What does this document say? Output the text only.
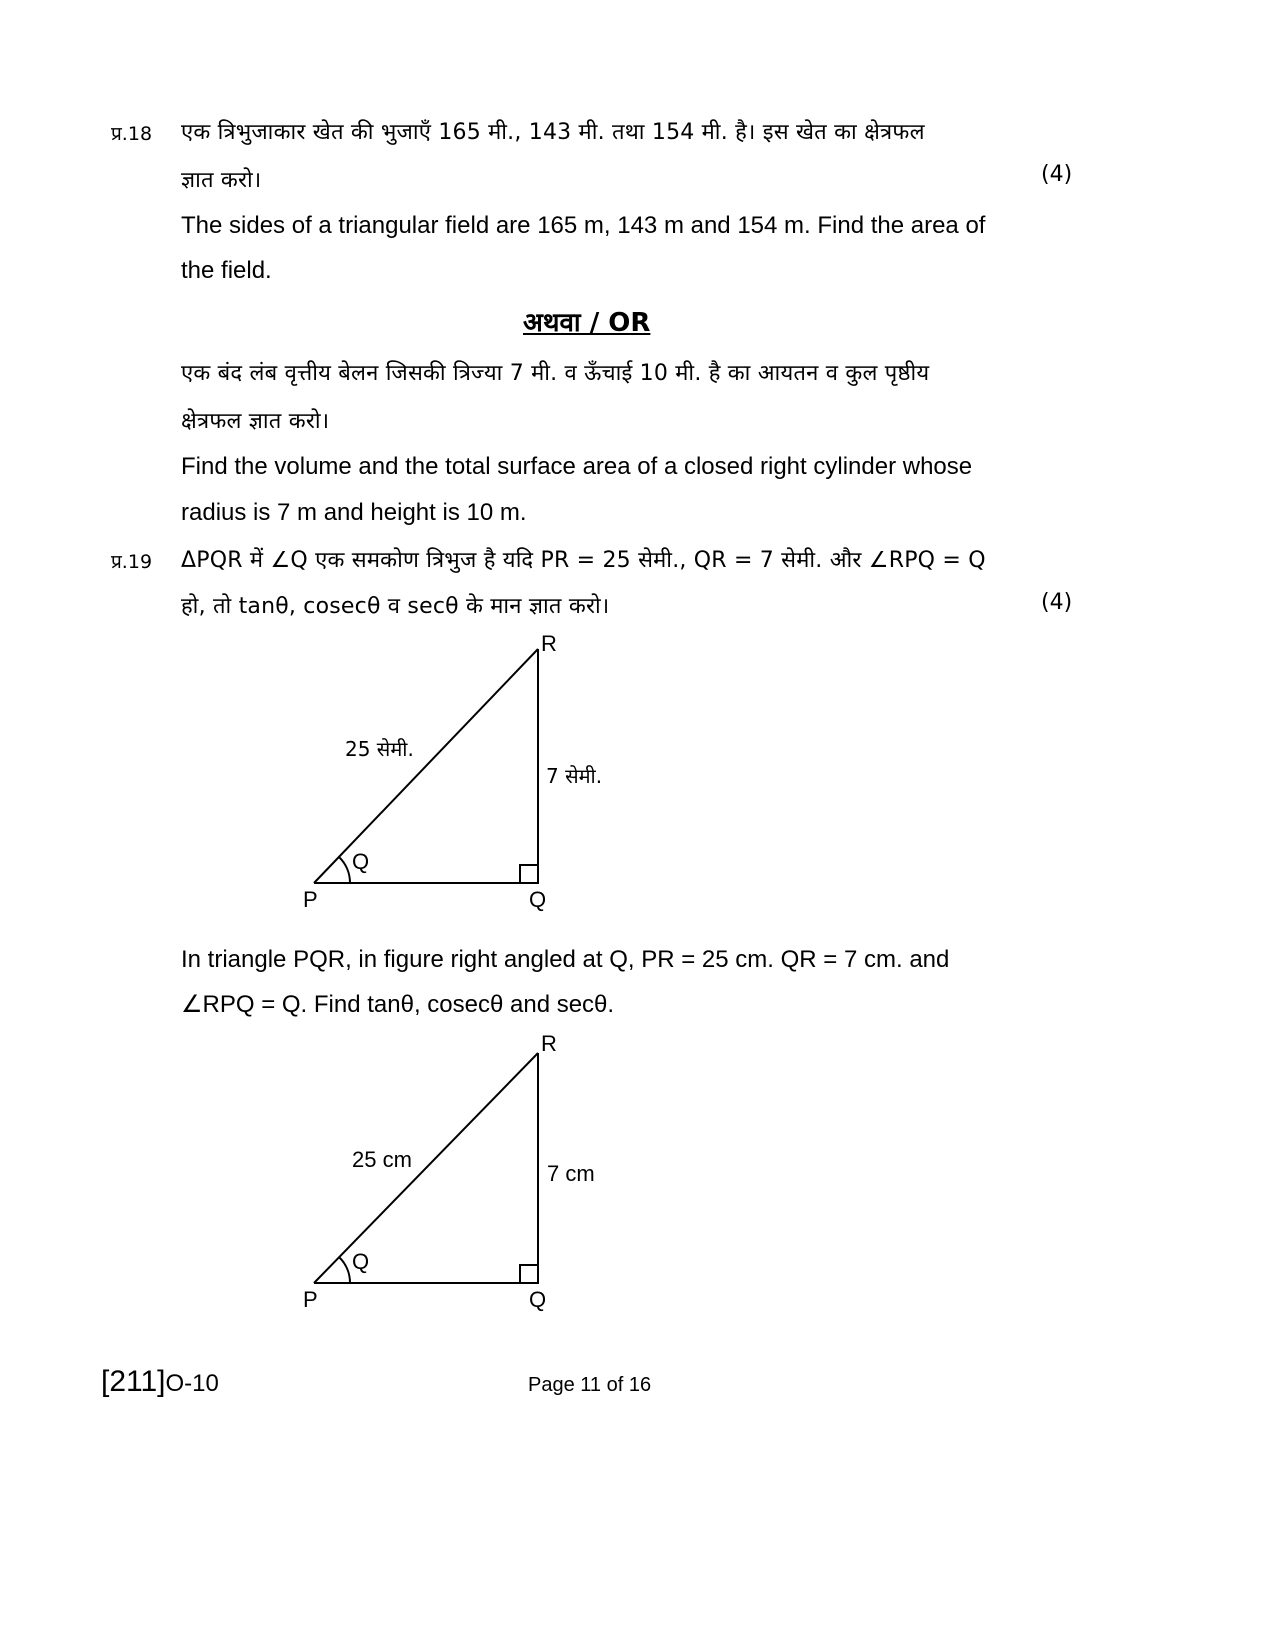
प्र.18 एक त्रिभुजाकार खेत की भुजाएँ 165 मी., 143 मी. तथा 154 मी. है। इस खेत का क्षेत्रफल
ज्ञात करो।	(4)
The sides of a triangular field are 165 m, 143 m and 154 m. Find the area of
the field.
अथवा / OR
एक बंद लंब वृत्तीय बेलन जिसकी त्रिज्या 7 मी. व ऊँचाई 10 मी. है का आयतन व कुल पृष्ठीय
क्षेत्रफल ज्ञात करो।
Find the volume and the total surface area of a closed right cylinder whose
radius is 7 m and height is 10 m.
प्र.19 ΔPQR में ∠Q एक समकोण त्रिभुज है यदि PR = 25 सेमी., QR = 7 सेमी. और ∠RPQ = Q
हो, तो tanθ, cosecθ व secθ के मान ज्ञात करो।	(4)
R
P	Q
Q
25 सेमी.
7 सेमी.
In triangle PQR, in figure right angled at Q, PR = 25 cm. QR = 7 cm. and
∠RPQ = Q. Find tanθ, cosecθ and secθ.
R
P	Q
Q
25 cm
7 cm
[211]O-10	Page 11 of 16
